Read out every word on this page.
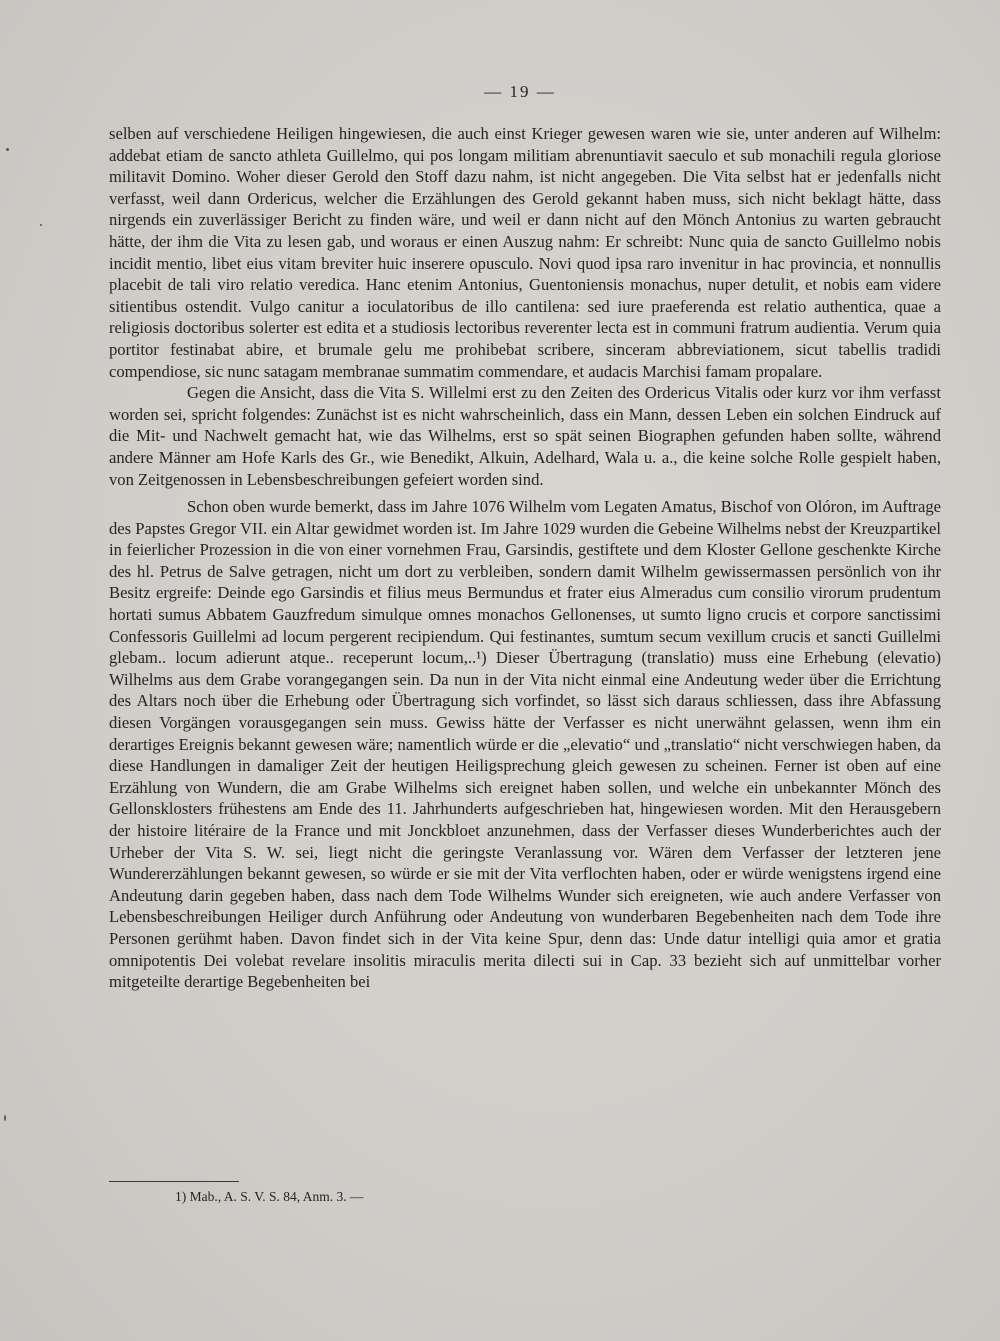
— 19 —

selben auf verschiedene Heiligen hingewiesen, die auch einst Krieger gewesen waren wie sie, unter anderen auf Wilhelm: addebat etiam de sancto athleta Guillelmo, qui pos longam militiam abrenuntiavit saeculo et sub monachili regula gloriose militavit Domino. Woher dieser Gerold den Stoff dazu nahm, ist nicht angegeben. Die Vita selbst hat er jedenfalls nicht verfasst, weil dann Ordericus, welcher die Erzählungen des Gerold gekannt haben muss, sich nicht beklagt hätte, dass nirgends ein zuverlässiger Bericht zu finden wäre, und weil er dann nicht auf den Mönch Antonius zu warten gebraucht hätte, der ihm die Vita zu lesen gab, und woraus er einen Auszug nahm: Er schreibt: Nunc quia de sancto Guillelmo nobis incidit mentio, libet eius vitam breviter huic inserere opusculo. Novi quod ipsa raro invenitur in hac provincia, et nonnullis placebit de tali viro relatio veredica. Hanc etenim Antonius, Guentoniensis monachus, nuper detulit, et nobis eam videre sitientibus ostendit. Vulgo canitur a ioculatoribus de illo cantilena: sed iure praeferenda est relatio authentica, quae a religiosis doctoribus solerter est edita et a studiosis lectoribus reverenter lecta est in communi fratrum audientia. Verum quia portitor festinabat abire, et brumale gelu me prohibebat scribere, sinceram abbreviationem, sicut tabellis tradidi compendiose, sic nunc satagam membranae summatim commendare, et audacis Marchisi famam propalare.

Gegen die Ansicht, dass die Vita S. Willelmi erst zu den Zeiten des Ordericus Vitalis oder kurz vor ihm verfasst worden sei, spricht folgendes: Zunächst ist es nicht wahrscheinlich, dass ein Mann, dessen Leben ein solchen Eindruck auf die Mit- und Nachwelt gemacht hat, wie das Wilhelms, erst so spät seinen Biographen gefunden haben sollte, während andere Männer am Hofe Karls des Gr., wie Benedikt, Alkuin, Adelhard, Wala u. a., die keine solche Rolle gespielt haben, von Zeitgenossen in Lebensbeschreibungen gefeiert worden sind.

Schon oben wurde bemerkt, dass im Jahre 1076 Wilhelm vom Legaten Amatus, Bischof von Olóron, im Auftrage des Papstes Gregor VII. ein Altar gewidmet worden ist. Im Jahre 1029 wurden die Gebeine Wilhelms nebst der Kreuzpartikel in feierlicher Prozession in die von einer vornehmen Frau, Garsindis, gestiftete und dem Kloster Gellone geschenkte Kirche des hl. Petrus de Salve getragen, nicht um dort zu verbleiben, sondern damit Wilhelm gewissermassen persönlich von ihr Besitz ergreife: Deinde ego Garsindis et filius meus Bermundus et frater eius Almeradus cum consilio virorum prudentum hortati sumus Abbatem Gauzfredum simulque omnes monachos Gellonenses, ut sumto ligno crucis et corpore sanctissimi Confessoris Guillelmi ad locum pergerent recipiendum. Qui festinantes, sumtum secum vexillum crucis et sancti Guillelmi glebam.. locum adierunt atque.. receperunt locum,..¹) Dieser Übertragung (translatio) muss eine Erhebung (elevatio) Wilhelms aus dem Grabe vorangegangen sein. Da nun in der Vita nicht einmal eine Andeutung weder über die Errichtung des Altars noch über die Erhebung oder Übertragung sich vorfindet, so lässt sich daraus schliessen, dass ihre Abfassung diesen Vorgängen vorausgegangen sein muss. Gewiss hätte der Verfasser es nicht unerwähnt gelassen, wenn ihm ein derartiges Ereignis bekannt gewesen wäre; namentlich würde er die „elevatio“ und „translatio“ nicht verschwiegen haben, da diese Handlungen in damaliger Zeit der heutigen Heiligsprechung gleich gewesen zu scheinen. Ferner ist oben auf eine Erzählung von Wundern, die am Grabe Wilhelms sich ereignet haben sollen, und welche ein unbekannter Mönch des Gellonsklosters frühestens am Ende des 11. Jahrhunderts aufgeschrieben hat, hingewiesen worden. Mit den Herausgebern der histoire litéraire de la France und mit Jonckbloet anzunehmen, dass der Verfasser dieses Wunderberichtes auch der Urheber der Vita S. W. sei, liegt nicht die geringste Veranlassung vor. Wären dem Verfasser der letzteren jene Wundererzählungen bekannt gewesen, so würde er sie mit der Vita verflochten haben, oder er würde wenigstens irgend eine Andeutung darin gegeben haben, dass nach dem Tode Wilhelms Wunder sich ereigneten, wie auch andere Verfasser von Lebensbeschreibungen Heiliger durch Anführung oder Andeutung von wunderbaren Begebenheiten nach dem Tode ihre Personen gerühmt haben. Davon findet sich in der Vita keine Spur, denn das: Unde datur intelligi quia amor et gratia omnipotentis Dei volebat revelare insolitis miraculis merita dilecti sui in Cap. 33 bezieht sich auf unmittelbar vorher mitgeteilte derartige Begebenheiten bei

1) Mab., A. S. V. S. 84, Anm. 3. —
